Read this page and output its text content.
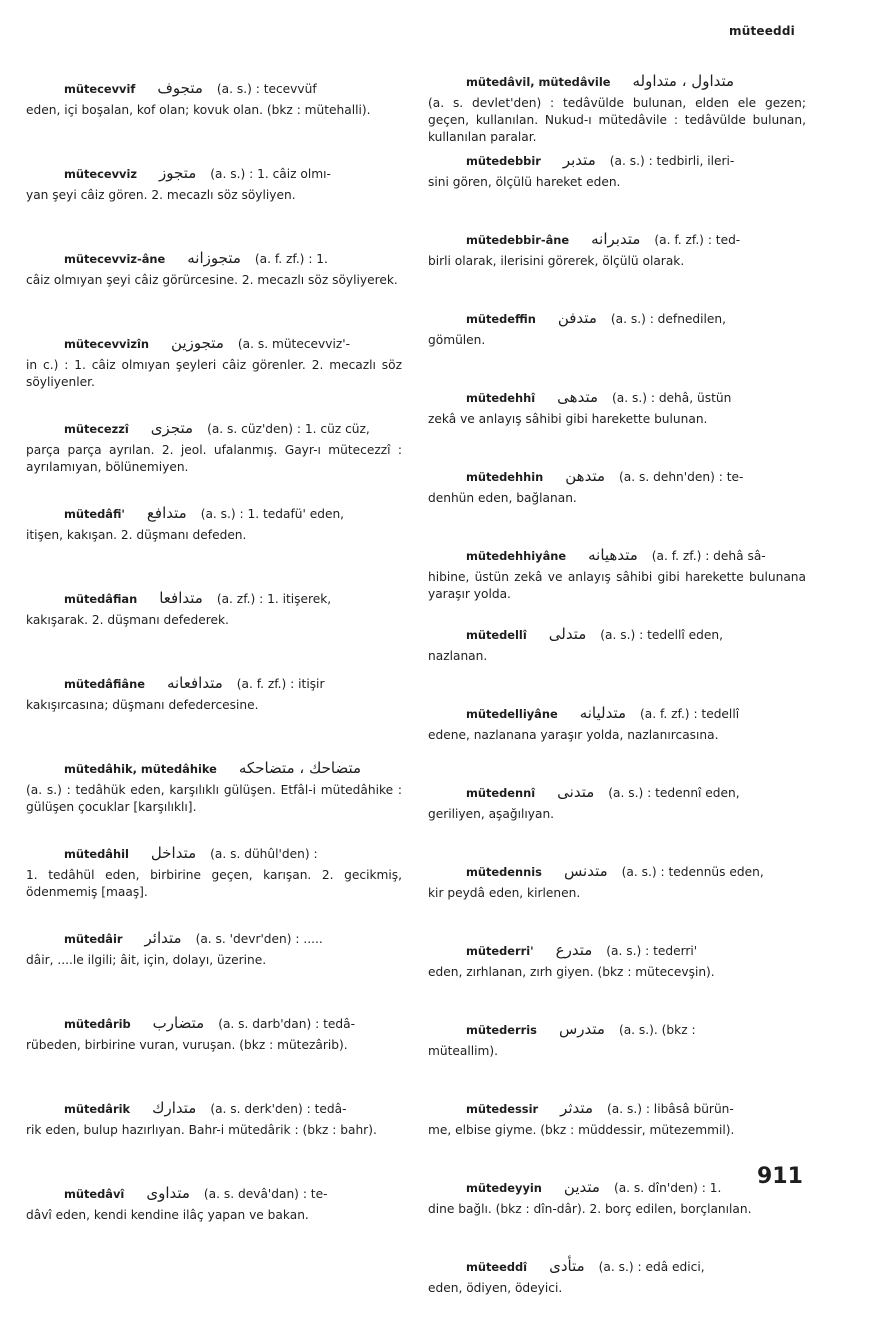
müteeddi
mütecevvif متجوف (a. s.) : tecevvüf
eden, içi boşalan, kof olan; kovuk olan. (bkz : mütehalli).
mütecevviz متجوز (a. s.) : 1. câiz olmı-
yan şeyi câiz gören. 2. mecazlı söz söyliyen.
mütecevviz-âne متجوزانه (a. f. zf.) : 1.
câiz olmıyan şeyi câiz görürcesine. 2. mecazlı söz söyliyerek.
mütecevvizîn متجوزين (a. s. mütecevviz'-
in c.) : 1. câiz olmıyan şeyleri câiz görenler. 2. mecazlı söz söyliyenler.
mütecezzî متجزى (a. s. cüz'den) : 1. cüz cüz,
parça parça ayrılan. 2. jeol. ufalanmış. Gayr-ı mütecezzî : ayrılamıyan, bölünemiyen.
mütedâfi' متدافع (a. s.) : 1. tedafü' eden,
itişen, kakışan. 2. düşmanı defeden.
mütedâfian متدافعا (a. zf.) : 1. itişerek,
kakışarak. 2. düşmanı defederek.
mütedâfiâne متدافعانه (a. f. zf.) : itişir
kakışırcasına; düşmanı defedercesine.
mütedâhik, mütedâhike متضاحك ، متضاحكه
(a. s.) : tedâhük eden, karşılıklı gülüşen. Etfâl-i mütedâhike : gülüşen çocuklar [karşılıklı].
mütedâhil متداخل (a. s. dühûl'den) :
1. tedâhül eden, birbirine geçen, karışan. 2. gecikmiş, ödenmemiş [maaş].
mütedâir متدائر (a. s. 'devr'den) : .....
dâir, ....le ilgili; âit, için, dolayı, üzerine.
mütedârib متضارب (a. s. darb'dan) : tedâ-
rübeden, birbirine vuran, vuruşan. (bkz : mütezârib).
mütedârik متدارك (a. s. derk'den) : tedâ-
rik eden, bulup hazırlıyan. Bahr-i mütedârik : (bkz : bahr).
mütedâvî متداوى (a. s. devâ'dan) : te-
dâvî eden, kendi kendine ilâç yapan ve bakan.
mütedâvil, mütedâvile متداول ، متداوله
(a. s. devlet'den) : tedâvülde bulunan, elden ele gezen; geçen, kullanılan. Nukud-ı mütedâvile : tedâvülde bulunan, kullanılan paralar.
mütedebbir متدبر (a. s.) : tedbirli, ileri-
sini gören, ölçülü hareket eden.
mütedebbir-âne متدبرانه (a. f. zf.) : ted-
birli olarak, ilerisini görerek, ölçülü olarak.
mütedeffin متدفن (a. s.) : defnedilen,
gömülen.
mütedehhî متدهى (a. s.) : dehâ, üstün
zekâ ve anlayış sâhibi gibi harekette bulunan.
mütedehhin متدهن (a. s. dehn'den) : te-
denhün eden, bağlanan.
mütedehhiyâne متدهيانه (a. f. zf.) : dehâ sâ-
hibine, üstün zekâ ve anlayış sâhibi gibi harekette bulunana yaraşır yolda.
mütedellî متدلى (a. s.) : tedellî eden,
nazlanan.
mütedelliyâne متدليانه (a. f. zf.) : tedellî
edene, nazlanana yaraşır yolda, nazlanırcasına.
mütedennî متدنى (a. s.) : tedennî eden,
geriliyen, aşağılıyan.
mütedennis متدنس (a. s.) : tedennüs eden,
kir peydâ eden, kirlenen.
mütederri' متدرع (a. s.) : tederri'
eden, zırhlanan, zırh giyen. (bkz : mütecevşin).
mütederris متدرس (a. s.). (bkz :
müteallim).
mütedessir متدثر (a. s.) : libâsâ bürün-
me, elbise giyme. (bkz : müddessir, mütezemmil).
mütedeyyin متدين (a. s. dîn'den) : 1.
dine bağlı. (bkz : dîn-dâr). 2. borç edilen, borçlanılan.
müteeddî متأدى (a. s.) : edâ edici,
eden, ödiyen, ödeyici.
911
